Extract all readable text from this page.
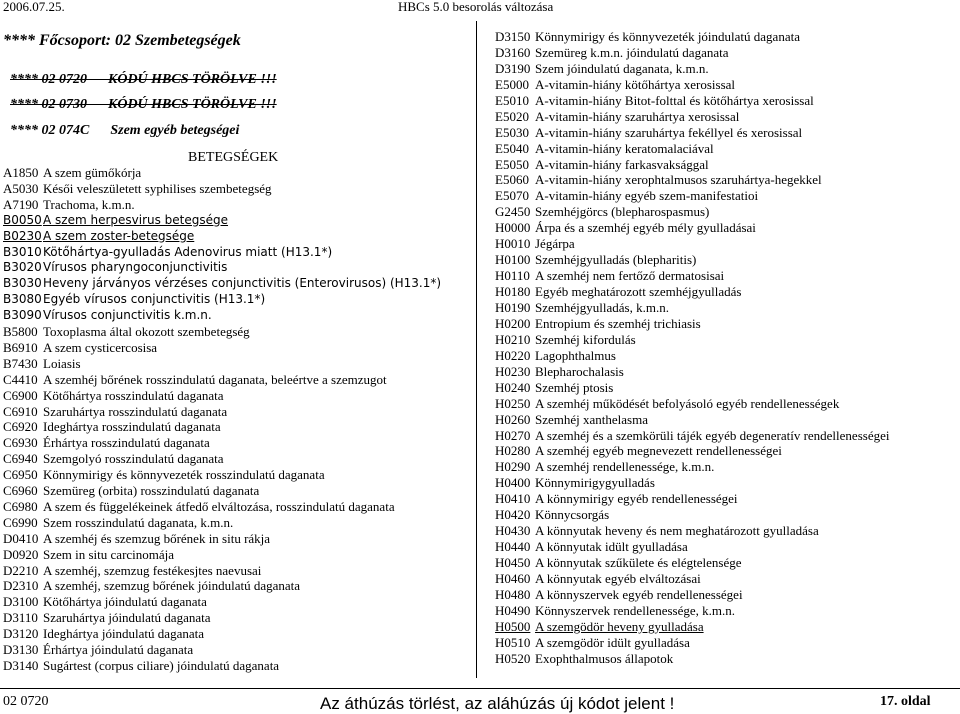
2006.07.25.	HBCs 5.0 besorolás változása
**** Főcsoport: 02 Szembetegségek
**** 02 0720      KÓDÚ HBCS TÖRÖLVE !!!
**** 02 0730      KÓDÚ HBCS TÖRÖLVE !!!
**** 02 074C      Szem egyéb betegségei
BETEGSÉGEK
A1850 A szem gümőkórja
A5030 Késői veleszületett syphilises szembetegség
A7190 Trachoma, k.m.n.
B0050A szem herpesvirus betegsége
B0230A szem zoster-betegsége
B3010Kötőhártya-gyulladás Adenovirus miatt (H13.1*)
B3020Vírusos pharyngoconjunctivitis
B3030Heveny járványos vérzéses conjunctivitis (Enterovirusos) (H13.1*)
B3080Egyéb vírusos conjunctivitis (H13.1*)
B3090Vírusos conjunctivitis k.m.n.
B5800 Toxoplasma által okozott szembetegség
B6910 A szem cysticercosisa
B7430 Loiasis
C4410 A szemhéj bőrének rosszindulatú daganata, beleértve a szemzugot
C6900 Kötőhártya rosszindulatú daganata
C6910 Szaruhártya rosszindulatú daganata
C6920 Ideghártya rosszindulatú daganata
C6930 Érhártya rosszindulatú daganata
C6940 Szemgolyó rosszindulatú daganata
C6950 Könnymirigy és könnyvezeték rosszindulatú daganata
C6960 Szemüreg (orbita) rosszindulatú daganata
C6980 A szem és függelékeinek átfedő elváltozása, rosszindulatú daganata
C6990 Szem rosszindulatú daganata, k.m.n.
D0410 A szemhéj és szemzug bőrének in situ rákja
D0920 Szem in situ carcinomája
D2210 A szemhéj, szemzug festékesjtes naevusai
D2310 A szemhéj, szemzug bőrének jóindulatú daganata
D3100 Kötőhártya jóindulatú daganata
D3110 Szaruhártya jóindulatú daganata
D3120 Ideghártya jóindulatú daganata
D3130 Érhártya jóindulatú daganata
D3140 Sugártest (corpus ciliare) jóindulatú daganata
D3150 Könnymirigy és könnyvezeték jóindulatú daganata
D3160 Szemüreg k.m.n. jóindulatú daganata
D3190 Szem jóindulatú daganata, k.m.n.
E5000 A-vitamin-hiány kötőhártya xerosissal
E5010 A-vitamin-hiány Bitot-folttal és kötőhártya xerosissal
E5020 A-vitamin-hiány szaruhártya xerosissal
E5030 A-vitamin-hiány szaruhártya fekéllyel és xerosissal
E5040 A-vitamin-hiány keratomalaciával
E5050 A-vitamin-hiány farkasvaksággal
E5060 A-vitamin-hiány xerophtalmusos szaruhártya-hegekkel
E5070 A-vitamin-hiány egyéb szem-manifestatioi
G2450 Szemhéjgörcs (blepharospasmus)
H0000 Árpa és a szemhéj egyéb mély gyulladásai
H0010 Jégárpa
H0100 Szemhéjgyulladás (blepharitis)
H0110 A szemhéj nem fertőző dermatosisai
H0180 Egyéb meghatározott szemhéjgyulladás
H0190 Szemhéjgyulladás, k.m.n.
H0200 Entropium és szemhéj trichiasis
H0210 Szemhéj kifordulás
H0220 Lagophthalmus
H0230 Blepharochalasis
H0240 Szemhéj ptosis
H0250 A szemhéj működését befolyásoló egyéb rendellenességek
H0260 Szemhéj xanthelasma
H0270 A szemhéj és a szemkörüli tájék egyéb degeneratív rendellenességei
H0280 A szemhéj egyéb megnevezett rendellenességei
H0290 A szemhéj rendellenessége, k.m.n.
H0400 Könnymirigygyulladás
H0410 A könnymirigy egyéb rendellenességei
H0420 Könnycsorgás
H0430 A könnyutak heveny és nem meghatározott gyulladása
H0440 A könnyutak idült gyulladása
H0450 A könnyutak szűkülete és elégtelensége
H0460 A könnyutak egyéb elváltozásai
H0480 A könnyszervek egyéb rendellenességei
H0490 Könnyszervek rendellenessége, k.m.n.
H0500 A szemgödör heveny gyulladása
H0510 A szemgödör idült gyulladása
H0520 Exophthalmusos állapotok
02 0720	Az áthúzás törlést, az aláhúzás új kódot jelent !	17. oldal
